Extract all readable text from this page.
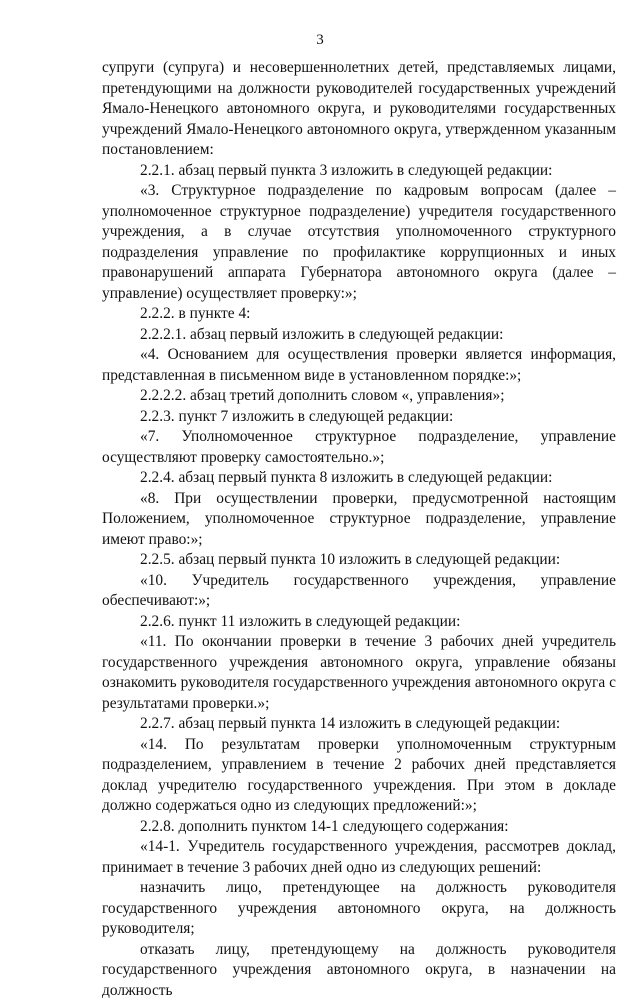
3

супруги (супруга) и несовершеннолетних детей, представляемых лицами, претендующими на должности руководителей государственных учреждений Ямало-Ненецкого автономного округа, и руководителями государственных учреждений Ямало-Ненецкого автономного округа, утвержденном указанным постановлением:

2.2.1. абзац первый пункта 3 изложить в следующей редакции:

«3. Структурное подразделение по кадровым вопросам (далее – уполномоченное структурное подразделение) учредителя государственного учреждения, а в случае отсутствия уполномоченного структурного подразделения управление по профилактике коррупционных и иных правонарушений аппарата Губернатора автономного округа (далее – управление) осуществляет проверку:»;

2.2.2. в пункте 4:

2.2.2.1. абзац первый изложить в следующей редакции:

«4. Основанием для осуществления проверки является информация, представленная в письменном виде в установленном порядке:»;

2.2.2.2. абзац третий дополнить словом «, управления»;

2.2.3. пункт 7 изложить в следующей редакции:

«7. Уполномоченное структурное подразделение, управление осуществляют проверку самостоятельно.»;

2.2.4. абзац первый пункта 8 изложить в следующей редакции:

«8. При осуществлении проверки, предусмотренной настоящим Положением, уполномоченное структурное подразделение, управление имеют право:»;

2.2.5. абзац первый пункта 10 изложить в следующей редакции:

«10. Учредитель государственного учреждения, управление обеспечивают:»;

2.2.6. пункт 11 изложить в следующей редакции:

«11. По окончании проверки в течение 3 рабочих дней учредитель государственного учреждения автономного округа, управление обязаны ознакомить руководителя государственного учреждения автономного округа с результатами проверки.»;

2.2.7. абзац первый пункта 14 изложить в следующей редакции:

«14. По результатам проверки уполномоченным структурным подразделением, управлением в течение 2 рабочих дней представляется доклад учредителю государственного учреждения. При этом в докладе должно содержаться одно из следующих предложений:»;

2.2.8. дополнить пунктом 14-1 следующего содержания:

«14-1. Учредитель государственного учреждения, рассмотрев доклад, принимает в течение 3 рабочих дней одно из следующих решений:

назначить лицо, претендующее на должность руководителя государственного учреждения автономного округа, на должность руководителя;

отказать лицу, претендующему на должность руководителя государственного учреждения автономного округа, в назначении на должность
